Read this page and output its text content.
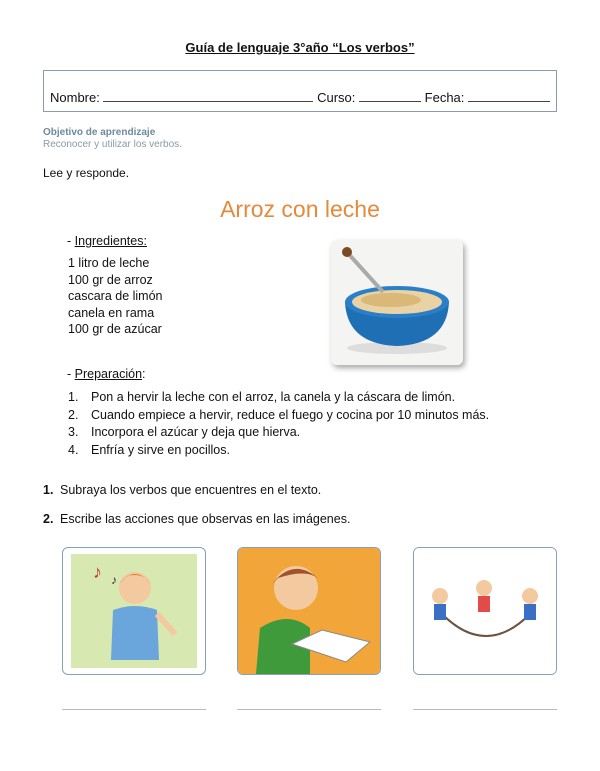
Guía de lenguaje 3°año “Los verbos”
Nombre:	Curso:	Fecha:
Objetivo de aprendizaje
Reconocer y utilizar los verbos.
Lee y responde.
Arroz con leche
- Ingredientes:
1 litro de leche
100 gr de arroz
cascara de limón
canela en rama
100 gr de azúcar
- Preparación:
1. Pon a hervir la leche con el arroz, la canela y la cáscara de limón.
2. Cuando empiece a hervir, reduce el fuego y cocina por 10 minutos más.
3. Incorpora el azúcar y deja que hierva.
4. Enfría y sirve en pocillos.
1. Subraya los verbos que encuentres en el texto.
2. Escribe las acciones que observas en las imágenes.
♪ ♪
